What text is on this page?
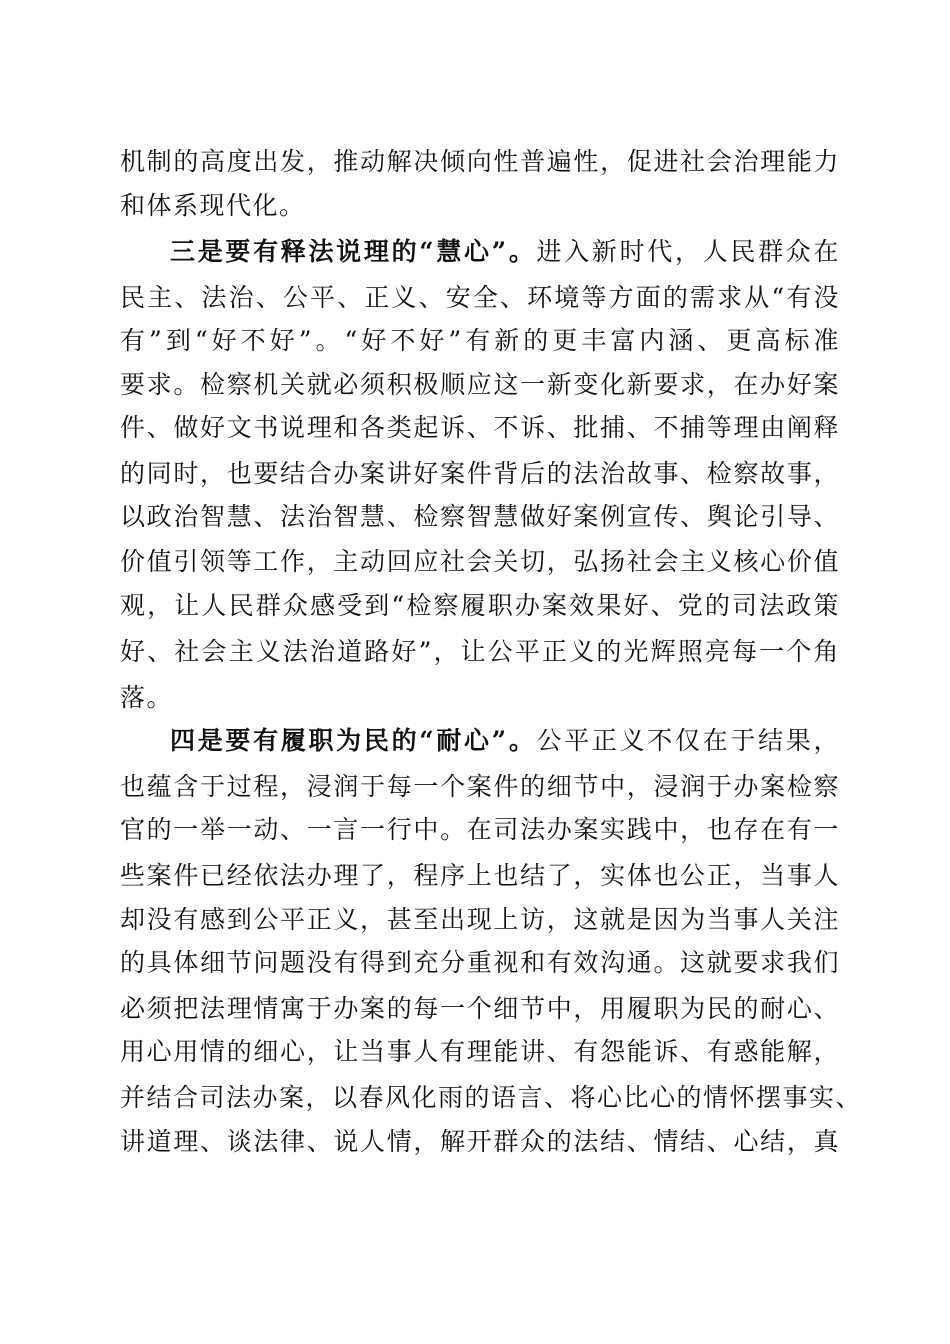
机制的高度出发，推动解决倾向性普遍性，促进社会治理能力
和体系现代化。
三是要有释法说理的“慧心”。进入新时代，人民群众在
民主、法治、公平、正义、安全、环境等方面的需求从“有没
有”到“好不好”。“好不好”有新的更丰富内涵、更高标准
要求。检察机关就必须积极顺应这一新变化新要求，在办好案
件、做好文书说理和各类起诉、不诉、批捕、不捕等理由阐释
的同时，也要结合办案讲好案件背后的法治故事、检察故事，
以政治智慧、法治智慧、检察智慧做好案例宣传、舆论引导、
价值引领等工作，主动回应社会关切，弘扬社会主义核心价值
观，让人民群众感受到“检察履职办案效果好、党的司法政策
好、社会主义法治道路好”，让公平正义的光辉照亮每一个角
落。
四是要有履职为民的“耐心”。公平正义不仅在于结果，
也蕴含于过程，浸润于每一个案件的细节中，浸润于办案检察
官的一举一动、一言一行中。在司法办案实践中，也存在有一
些案件已经依法办理了，程序上也结了，实体也公正，当事人
却没有感到公平正义，甚至出现上访，这就是因为当事人关注
的具体细节问题没有得到充分重视和有效沟通。这就要求我们
必须把法理情寓于办案的每一个细节中，用履职为民的耐心、
用心用情的细心，让当事人有理能讲、有怨能诉、有惑能解，
并结合司法办案，以春风化雨的语言、将心比心的情怀摆事实、
讲道理、谈法律、说人情，解开群众的法结、情结、心结，真
